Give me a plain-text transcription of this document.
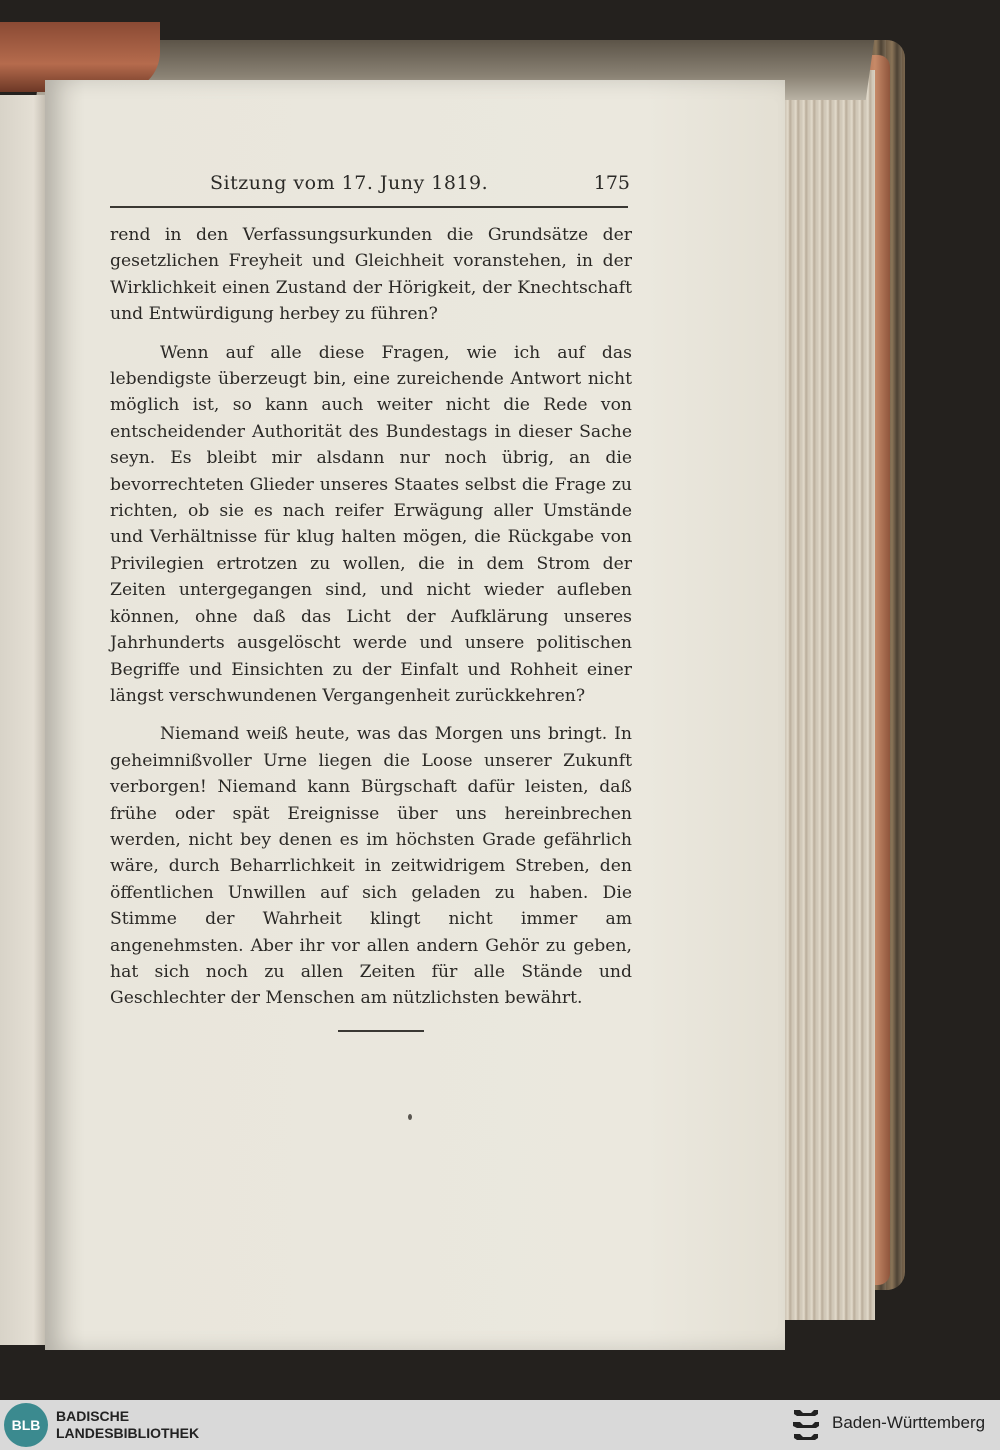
Sitzung vom 17. Juny 1819.	175

rend in den Verfassungsurkunden die Grundsätze der gesetzlichen Freyheit und Gleichheit voranstehen, in der Wirklichkeit einen Zustand der Hörigkeit, der Knechtschaft und Entwürdigung herbey zu führen?

Wenn auf alle diese Fragen, wie ich auf das lebendigste überzeugt bin, eine zureichende Antwort nicht möglich ist, so kann auch weiter nicht die Rede von entscheidender Authorität des Bundestags in dieser Sache seyn. Es bleibt mir alsdann nur noch übrig, an die bevorrechteten Glieder unseres Staates selbst die Frage zu richten, ob sie es nach reifer Erwägung aller Umstände und Verhältnisse für klug halten mögen, die Rückgabe von Privilegien ertrotzen zu wollen, die in dem Strom der Zeiten untergegangen sind, und nicht wieder aufleben können, ohne daß das Licht der Aufklärung unseres Jahrhunderts ausgelöscht werde und unsere politischen Begriffe und Einsichten zu der Einfalt und Rohheit einer längst verschwundenen Vergangenheit zurückkehren?

Niemand weiß heute, was das Morgen uns bringt. In geheimnißvoller Urne liegen die Loose unserer Zukunft verborgen! Niemand kann Bürgschaft dafür leisten, daß frühe oder spät Ereignisse über uns hereinbrechen werden, nicht bey denen es im höchsten Grade gefährlich wäre, durch Beharrlichkeit in zeitwidrigem Streben, den öffentlichen Unwillen auf sich geladen zu haben. Die Stimme der Wahrheit klingt nicht immer am angenehmsten. Aber ihr vor allen andern Gehör zu geben, hat sich noch zu allen Zeiten für alle Stände und Geschlechter der Menschen am nützlichsten bewährt.

BLB
BADISCHE
LANDESBIBLIOTHEK
Baden-Württemberg
